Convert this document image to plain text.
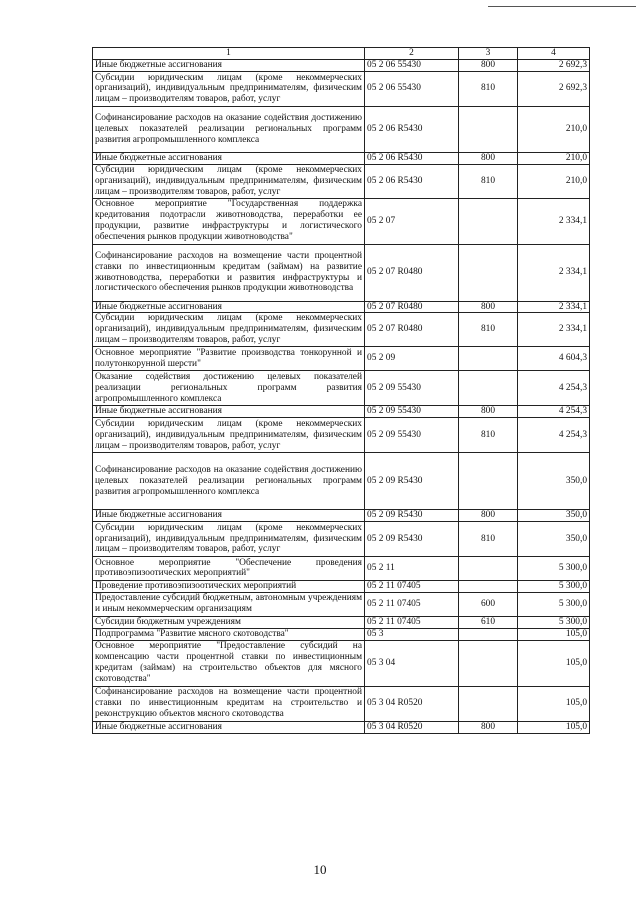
1	2	3	4
Иные бюджетные ассигнования	05 2 06 55430	800	2 692,3
Субсидии юридическим лицам (кроме некоммерческих организаций), индивидуальным предпринимателям, физическим лицам – производителям товаров, работ, услуг	05 2 06 55430	810	2 692,3
Софинансирование расходов на оказание содействия достижению целевых показателей реализации региональных программ развития агропромышленного комплекса	05 2 06 R5430		210,0
Иные бюджетные ассигнования	05 2 06 R5430	800	210,0
Субсидии юридическим лицам (кроме некоммерческих организаций), индивидуальным предпринимателям, физическим лицам – производителям товаров, работ, услуг	05 2 06 R5430	810	210,0
Основное мероприятие "Государственная поддержка кредитования подотрасли животноводства, переработки ее продукции, развитие инфраструктуры и логистического обеспечения рынков продукции животноводства"	05 2 07		2 334,1
Софинансирование расходов на возмещение части процентной ставки по инвестиционным кредитам (займам) на развитие животноводства, переработки и развития инфраструктуры и логистического обеспечения рынков продукции животноводства	05 2 07 R0480		2 334,1
Иные бюджетные ассигнования	05 2 07 R0480	800	2 334,1
Субсидии юридическим лицам (кроме некоммерческих организаций), индивидуальным предпринимателям, физическим лицам – производителям товаров, работ, услуг	05 2 07 R0480	810	2 334,1
Основное мероприятие "Развитие производства тонкорунной и полутонкорунной шерсти"	05 2 09		4 604,3
Оказание содействия достижению целевых показателей реализации региональных программ развития агропромышленного комплекса	05 2 09 55430		4 254,3
Иные бюджетные ассигнования	05 2 09 55430	800	4 254,3
Субсидии юридическим лицам (кроме некоммерческих организаций), индивидуальным предпринимателям, физическим лицам – производителям товаров, работ, услуг	05 2 09 55430	810	4 254,3
Софинансирование расходов на оказание содействия достижению целевых показателей реализации региональных программ развития агропромышленного комплекса	05 2 09 R5430		350,0
Иные бюджетные ассигнования	05 2 09 R5430	800	350,0
Субсидии юридическим лицам (кроме некоммерческих организаций), индивидуальным предпринимателям, физическим лицам – производителям товаров, работ, услуг	05 2 09 R5430	810	350,0
Основное мероприятие "Обеспечение проведения противоэпизоотических мероприятий"	05 2 11		5 300,0
Проведение противоэпизоотических мероприятий	05 2 11 07405		5 300,0
Предоставление субсидий бюджетным, автономным учреждениям и иным некоммерческим организациям	05 2 11 07405	600	5 300,0
Субсидии бюджетным учреждениям	05 2 11 07405	610	5 300,0
Подпрограмма "Развитие мясного скотоводства"	05 3		105,0
Основное мероприятие "Предоставление субсидий на компенсацию части процентной ставки по инвестиционным кредитам (займам) на строительство объектов для мясного скотоводства"	05 3 04		105,0
Софинансирование расходов на возмещение части процентной ставки по инвестиционным кредитам на строительство и реконструкцию объектов мясного скотоводства	05 3 04 R0520		105,0
Иные бюджетные ассигнования	05 3 04 R0520	800	105,0
10
